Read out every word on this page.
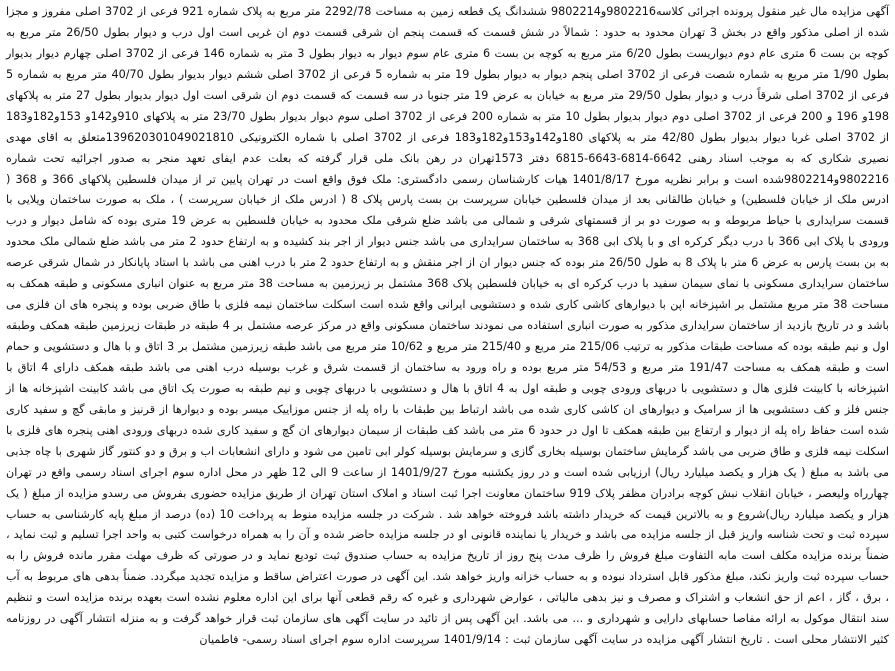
آگهی مزایده مال غیر منقول پرونده اجرائی کلاسه9802216و9802214 ششدانگ یک قطعه زمین به مساحت 2292/78 متر مربع به پلاک شماره 921 فرعی از 3702 اصلی مفروز و مجزا شده از اصلی مذکور واقع در بخش 3 تهران محدود به حدود : شمالاً در شش قسمت که قسمت پنجم ان شرقی قسمت دوم ان غربی است اول درب و دیوار بطول 26/50 متر مربع به کوچه بن بست 6 متری عام دوم دیواریست بطول 6/20 متر مربع به کوچه بن بست 6 متری عام سوم دیوار به دیوار بطول 3 متر به شماره 146 فرعی از 3702 اصلی چهارم دیوار بدیوار بطول 1/90 متر مربع به شماره شصت فرعی از 3702 اصلی پنجم دیوار به دیوار بطول 19 متر به شماره 5 فرعی از 3702 اصلی ششم دیوار بدیوار بطول 40/70 متر مربع به شماره 5 فرعی از 3702 اصلی شرقاً درب و دیوار بطول 29/50 متر مربع به خیابان به عرض 19 متر جنوبا در سه قسمت که قسمت دوم ان شرقی است اول دیوار بدیوار بطول 27 متر به پلاکهای 198و 196 و 200 فرعی از 3702 اصلی دوم دیوار بدیوار بطول 10 متر به شماره 200 فرعی از 3702 اصلی سوم دیوار بدیوار بطول 23/70 متر به پلاکهای 910و142و 153و182و183 از 3702 اصلی غربا دیوار بدیوار بطول 42/80 متر به پلاکهای 180و142و153و182و183 فرعی از 3702 اصلی با شماره الکترونیکی 139620301049021810متعلق به اقای مهدی نصیری شکاری که به موجب اسناد رهنی 6642-6814-6643-6815 دفتر 1573تهران در رهن بانک ملی قرار گرفته که بعلت عدم ایفای تعهد منجر به صدور اجرائیه تحت شماره 9802216و9802214شده است و برابر نظریه مورخ 1401/8/17 هیات کارشناسان رسمی دادگستری: ملک فوق واقع است در تهران پایین تر از میدان فلسطین پلاکهای 366 و 368 ( ادرس ملک از خیابان فلسطین) و خیابان طالقانی بعد از میدان فلسطین خیابان سرپرست بن بست پارس پلاک 8 ( ادرس ملک از خیابان سرپرست ) ، ملک به صورت ساختمان ویلایی با قسمت سرایداری با حیاط مربوطه و به صورت دو بر از قسمتهای شرقی و شمالی می باشد ضلع شرقی ملک محدود به خیابان فلسطین به عرض 19 متری بوده که شامل دیوار و درب ورودی با پلاک ابی 366 با درب دیگر کرکره ای و با پلاک ابی 368 به ساختمان سرایداری می باشد جنس دیوار از اجر بند کشیده و به ارتفاع حدود 2 متر می باشد ضلع شمالی ملک محدود به بن بست پارس به عرض 6 متر با پلاک 8 به طول 26/50 متر بوده که جنس دیوار ان از اجر منقش و به ارتفاع حدود 2 متر با درب اهنی می باشد با استاد پایانکار در شمال شرقی عرصه ساختمان سرایداری مسکونی با نمای سیمان سفید با درب کرکره ای به خیابان فلسطین پلاک 368 مشتمل بر زیرزمین به مساحت 38 متر مربع به عنوان انباری مسکونی و طبقه همکف به مساحت 38 متر مربع مشتمل بر اشپزخانه اپن با دیوارهای کاشی کاری شده و دستشویی ایرانی واقع شده است اسکلت ساختمان نیمه فلزی با طاق ضربی بوده و پنجره های ان فلزی می باشد و در تاریخ بازدید از ساختمان سرایداری مذکور به صورت انباری استفاده می نمودند ساختمان مسکونی واقع در مرکز عرصه مشتمل بر 4 طبقه در طبقات زیرزمین طبقه همکف وطبقه اول و نیم طبقه بوده که مساحت طبقات مذکور به ترتیب 215/06 متر مربع و 215/40 متر مربع و 10/62 متر مربع می باشد طبقه زیرزمین مشتمل بر 3 اتاق و با هال و دستشویی و حمام است و طبقه همکف به مساحت 191/47 متر مربع و 54/53 متر مربع بوده و راه ورود به ساختمان از قسمت شرق و غرب بوسیله درب اهنی می باشد طبقه همکف دارای 4 اتاق با اشپزخانه با کابینت فلزی هال و دستشویی با دربهای ورودی چوبی و طبقه اول به 4 اتاق با هال و دستشویی با دربهای چوبی و نیم طبقه به صورت یک اتاق می باشد کابینت اشپزخانه ها از جنس فلز و کف دستشویی ها از سرامیک و دیوارهای ان کاشی کاری شده می باشد ارتباط بین طبقات با راه پله از جنس موزاییک میسر بوده و دیوارها از قرنیز و مابقی گچ و سفید کاری شده است حفاظ راه پله از دیوار و ارتفاع بین طبقه همکف تا اول در حدود 6 متر می باشد کف طبقات از سیمان دیوارهای ان گچ و سفید کاری شده دربهای ورودی اهنی پنجره های فلزی با اسکلت نیمه فلزی و طاق ضربی می باشد گرمایش ساختمان بوسیله بخاری گازی و سرمایش بوسیله کولر ابی تامین می شود و دارای انشعابات اب و برق و دو کنتور گاز شهری با چاه جذبی می باشد به مبلغ ( یک هزار و یکصد میلیارد ریال) ارزیابی شده است و در روز یکشنبه مورخ 1401/9/27 از ساعت 9 الی 12 ظهر در محل اداره سوم اجرای اسناد رسمی واقع در تهران چهارراه ولیعصر ، خیابان انقلاب نبش کوچه برادران مظفر پلاک 919 ساختمان معاونت اجرا ثبت اسناد و املاک استان تهران از طریق مزایده حضوری بفروش می رسدو مزایده از مبلغ ( یک هزار و یکصد میلیارد ریال)شروع و به بالاترین قیمت که خریدار داشته باشد فروخته خواهد شد . شرکت در جلسه مزایده منوط به پرداخت 10 (ده) درصد از مبلغ پایه کارشناسی به حساب سپرده ثبت و تحت شناسه واریز قبل از جلسه مزایده می باشد و خریدار یا نماینده قانونی او در جلسه مزایده حاضر شده و آن را به همراه درخواست کتبی به واحد اجرا تسلیم و ثبت نماید ، ضمناً برنده مزایده مکلف است مابه التفاوت مبلغ فروش را ظرف مدت پنج روز از تاریخ مزایده به حساب صندوق ثبت تودیع نماید و در صورتی که ظرف مهلت مقرر مانده فروش را به حساب سپرده ثبت واریز نکند، مبلغ مذکور قابل استرداد نبوده و به حساب خزانه واریز خواهد شد. این آگهی در صورت اعتراض ساقط و مزایده تجدید میگردد. ضمناً بدهی های مربوط به آب ، برق ، گاز ، اعم از حق انشعاب و اشتراک و مصرف و نیز بدهی مالیاتی ، عوارض شهرداری و غیره که رقم قطعی آنها برای این اداره معلوم نشده است بعهده برنده مزایده است و تنظیم سند انتقال موکول به ارائه مفاصا حسابهای دارایی و شهرداری و ... می باشد. این آگهی پس از تائید در سایت آگهی های سازمان ثبت قرار خواهد گرفت و به منزله انتشار آگهی در روزنامه کثیر الانتشار محلی است . تاریخ انتشار آگهی مزایده در سایت آگهی سازمان ثبت : 1401/9/14 سرپرست اداره سوم اجرای اسناد رسمی- فاطمیان
